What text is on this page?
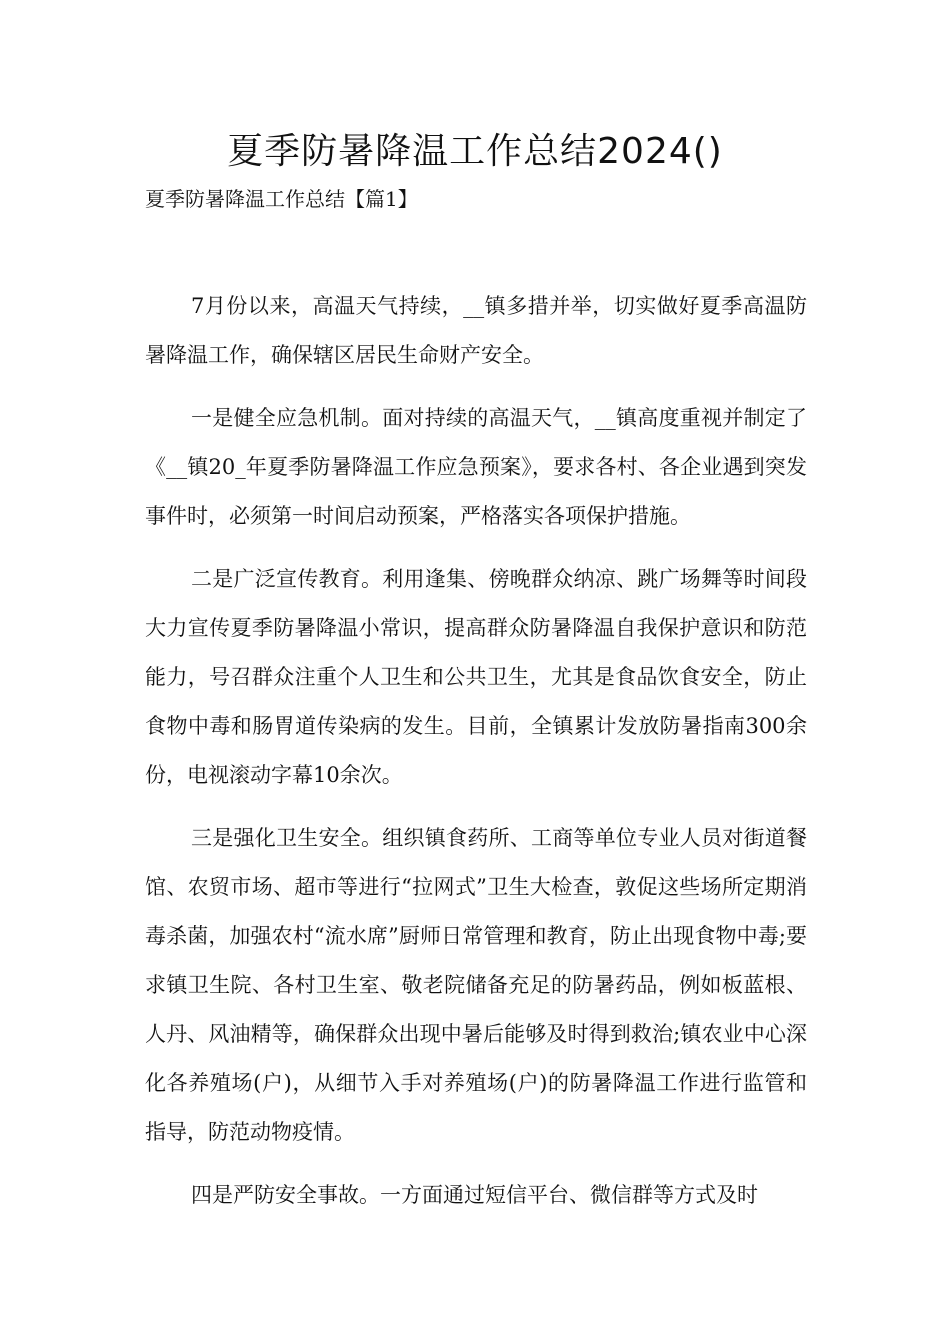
夏季防暑降温工作总结2024()

夏季防暑降温工作总结【篇1】

7月份以来，高温天气持续，__镇多措并举，切实做好夏季高温防暑降温工作，确保辖区居民生命财产安全。

一是健全应急机制。面对持续的高温天气，__镇高度重视并制定了《__镇20_年夏季防暑降温工作应急预案》，要求各村、各企业遇到突发事件时，必须第一时间启动预案，严格落实各项保护措施。

二是广泛宣传教育。利用逢集、傍晚群众纳凉、跳广场舞等时间段大力宣传夏季防暑降温小常识，提高群众防暑降温自我保护意识和防范能力，号召群众注重个人卫生和公共卫生，尤其是食品饮食安全，防止食物中毒和肠胃道传染病的发生。目前，全镇累计发放防暑指南300余份，电视滚动字幕10余次。

三是强化卫生安全。组织镇食药所、工商等单位专业人员对街道餐馆、农贸市场、超市等进行“拉网式”卫生大检查，敦促这些场所定期消毒杀菌，加强农村“流水席”厨师日常管理和教育，防止出现食物中毒;要求镇卫生院、各村卫生室、敬老院储备充足的防暑药品，例如板蓝根、人丹、风油精等，确保群众出现中暑后能够及时得到救治;镇农业中心深化各养殖场(户)，从细节入手对养殖场(户)的防暑降温工作进行监管和指导，防范动物疫情。

四是严防安全事故。一方面通过短信平台、微信群等方式及时
